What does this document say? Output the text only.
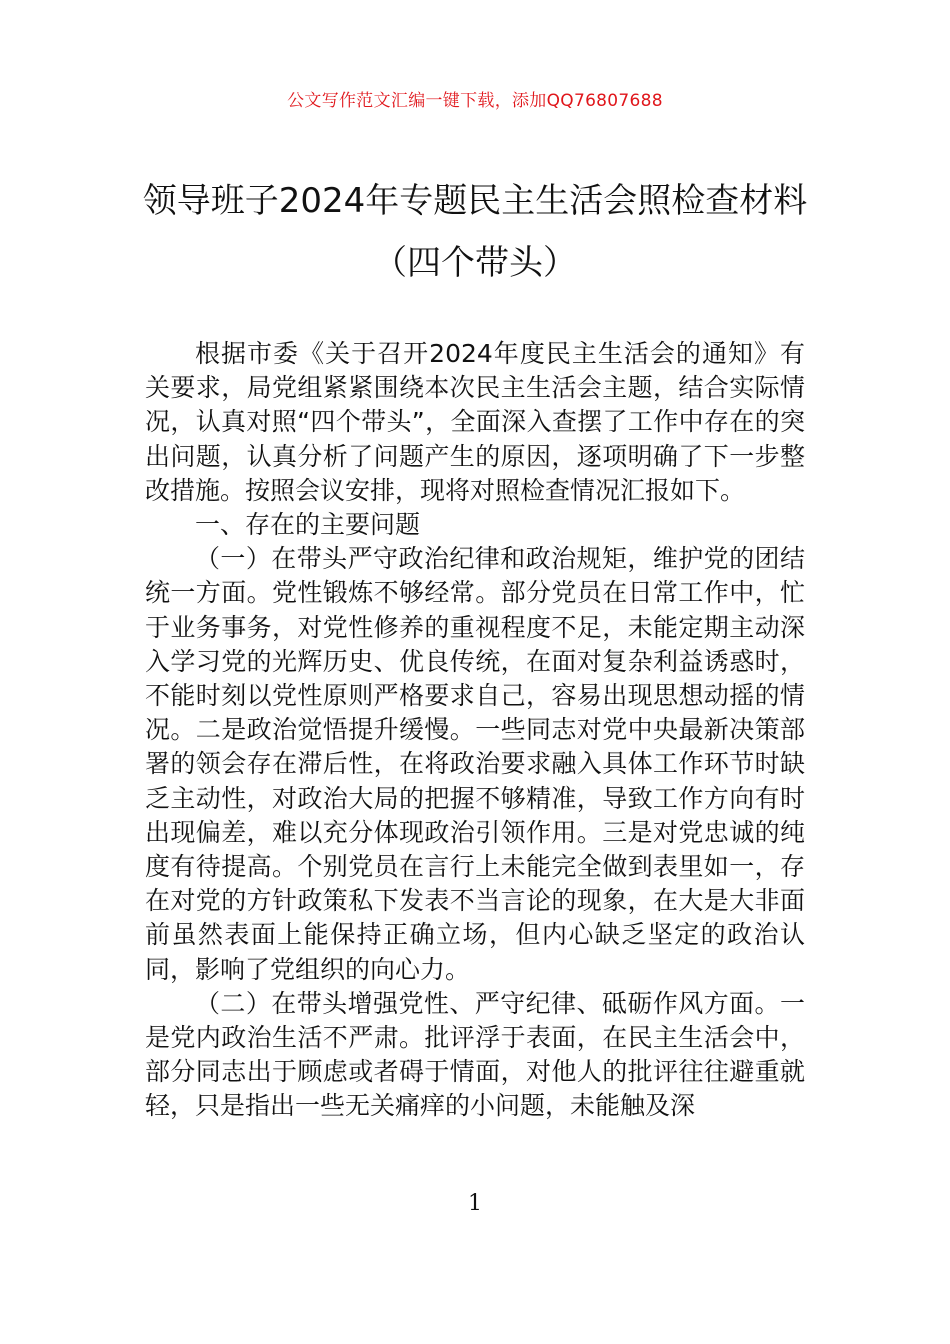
公文写作范文汇编一键下载，添加QQ76807688
领导班子2024年专题民主生活会照检查材料（四个带头）

根据市委《关于召开2024年度民主生活会的通知》有关要求，局党组紧紧围绕本次民主生活会主题，结合实际情况，认真对照“四个带头”，全面深入查摆了工作中存在的突出问题，认真分析了问题产生的原因，逐项明确了下一步整改措施。按照会议安排，现将对照检查情况汇报如下。

一、存在的主要问题

（一）在带头严守政治纪律和政治规矩，维护党的团结统一方面。党性锻炼不够经常。部分党员在日常工作中，忙于业务事务，对党性修养的重视程度不足，未能定期主动深入学习党的光辉历史、优良传统，在面对复杂利益诱惑时，不能时刻以党性原则严格要求自己，容易出现思想动摇的情况。二是政治觉悟提升缓慢。一些同志对党中央最新决策部署的领会存在滞后性，在将政治要求融入具体工作环节时缺乏主动性，对政治大局的把握不够精准，导致工作方向有时出现偏差，难以充分体现政治引领作用。三是对党忠诚的纯度有待提高。个别党员在言行上未能完全做到表里如一，存在对党的方针政策私下发表不当言论的现象，在大是大非面前虽然表面上能保持正确立场，但内心缺乏坚定的政治认同，影响了党组织的向心力。

（二）在带头增强党性、严守纪律、砥砺作风方面。一是党内政治生活不严肃。批评浮于表面，在民主生活会中，部分同志出于顾虑或者碍于情面，对他人的批评往往避重就轻，只是指出一些无关痛痒的小问题，未能触及深

1
